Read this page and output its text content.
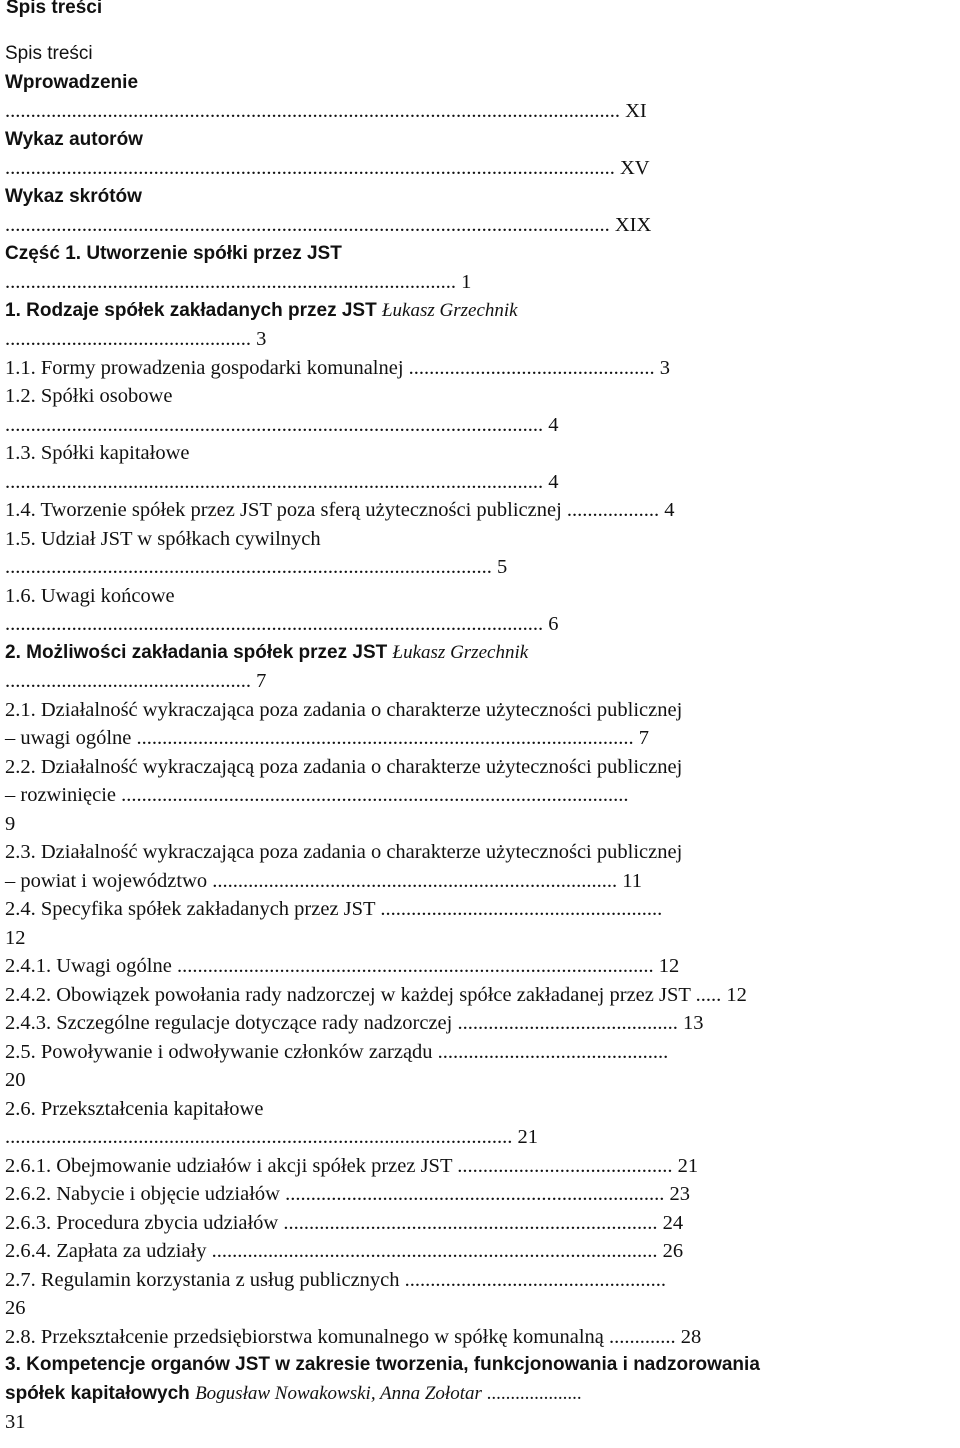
Spis treści

Spis treści

Wprowadzenie

........................................................................................................................ XI

Wykaz autorów

....................................................................................................................... XV

Wykaz skrótów

...................................................................................................................... XIX

Część 1. Utworzenie spółki przez JST

........................................................................................ 1

1. Rodzaje spółek zakładanych przez JST Łukasz Grzechnik

................................................ 3

1.1. Formy prowadzenia gospodarki komunalnej ................................................ 3

1.2. Spółki osobowe

......................................................................................................... 4

1.3. Spółki kapitałowe

......................................................................................................... 4

1.4. Tworzenie spółek przez JST poza sferą użyteczności publicznej .................. 4

1.5. Udział JST w spółkach cywilnych

............................................................................................... 5

1.6. Uwagi końcowe

......................................................................................................... 6

2. Możliwości zakładania spółek przez JST Łukasz Grzechnik

................................................ 7

2.1. Działalność wykraczająca poza zadania o charakterze użyteczności publicznej

– uwagi ogólne ................................................................................................. 7

2.2. Działalność wykraczającą poza zadania o charakterze użyteczności publicznej

– rozwinięcie ...................................................................................................

9

2.3. Działalność wykraczająca poza zadania o charakterze użyteczności publicznej

– powiat i województwo ............................................................................... 11

2.4. Specyfika spółek zakładanych przez JST .......................................................

12

2.4.1. Uwagi ogólne ............................................................................................. 12

2.4.2. Obowiązek powołania rady nadzorczej w każdej spółce zakładanej przez JST ..... 12

2.4.3. Szczególne regulacje dotyczące rady nadzorczej ........................................... 13

2.5. Powoływanie i odwoływanie członków zarządu .............................................

20

2.6. Przekształcenia kapitałowe

................................................................................................... 21

2.6.1. Obejmowanie udziałów i akcji spółek przez JST .......................................... 21

2.6.2. Nabycie i objęcie udziałów .......................................................................... 23

2.6.3. Procedura zbycia udziałów ......................................................................... 24

2.6.4. Zapłata za udziały ....................................................................................... 26

2.7. Regulamin korzystania z usług publicznych ...................................................

26

2.8. Przekształcenie przedsiębiorstwa komunalnego w spółkę komunalną ............. 28

3. Kompetencje organów JST w zakresie tworzenia, funkcjonowania i nadzorowania

spółek kapitałowych Bogusław Nowakowski, Anna Zołotar ....................

31
